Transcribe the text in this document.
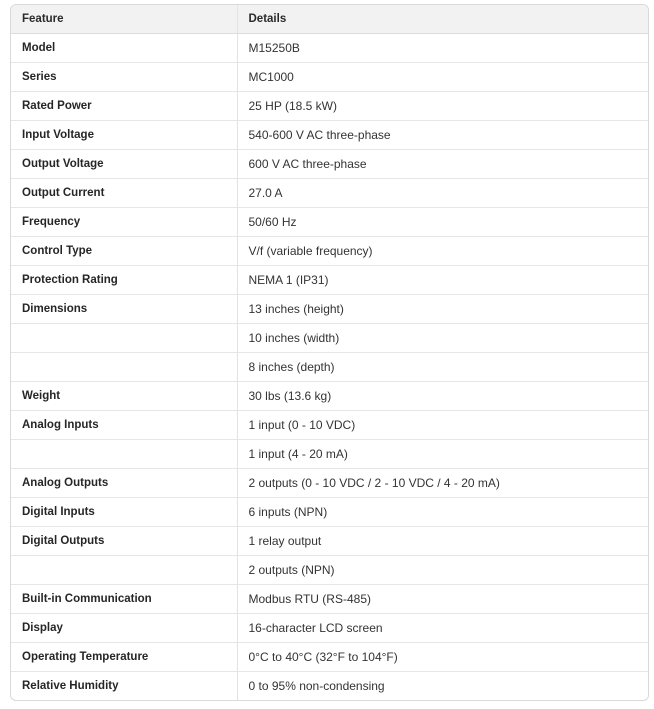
Feature	Details
Model	M15250B
Series	MC1000
Rated Power	25 HP (18.5 kW)
Input Voltage	540-600 V AC three-phase
Output Voltage	600 V AC three-phase
Output Current	27.0 A
Frequency	50/60 Hz
Control Type	V/f (variable frequency)
Protection Rating	NEMA 1 (IP31)
Dimensions	13 inches (height)
	10 inches (width)
	8 inches (depth)
Weight	30 lbs (13.6 kg)
Analog Inputs	1 input (0 - 10 VDC)
	1 input (4 - 20 mA)
Analog Outputs	2 outputs (0 - 10 VDC / 2 - 10 VDC / 4 - 20 mA)
Digital Inputs	6 inputs (NPN)
Digital Outputs	1 relay output
	2 outputs (NPN)
Built-in Communication	Modbus RTU (RS-485)
Display	16-character LCD screen
Operating Temperature	0°C to 40°C (32°F to 104°F)
Relative Humidity	0 to 95% non-condensing
